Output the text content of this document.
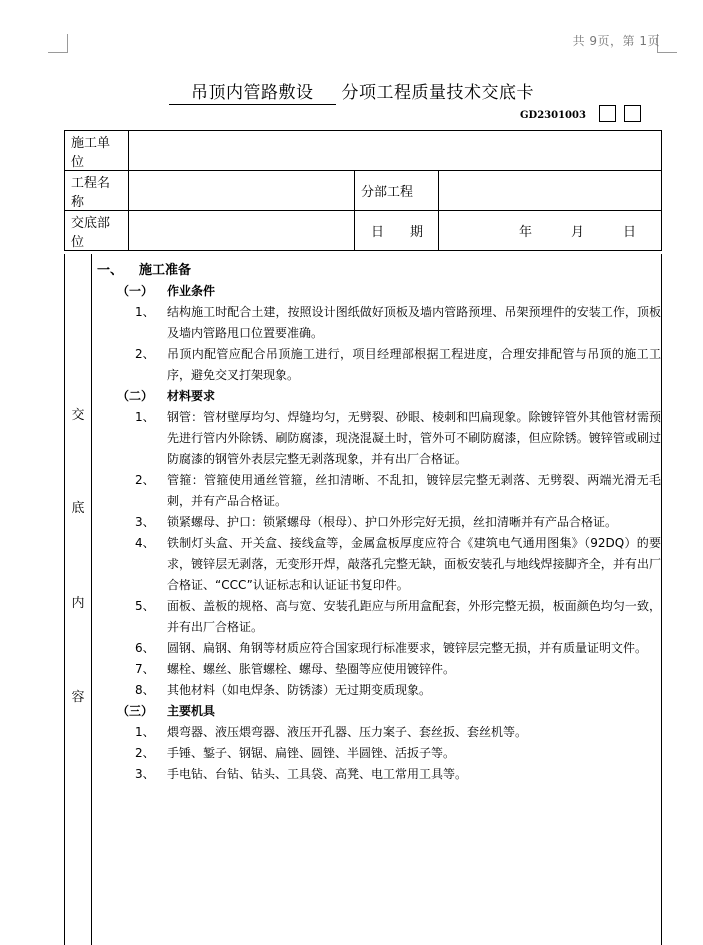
共 9页，第 1页
吊顶内管路敷设 分项工程质量技术交底卡
GD2301003
施工单位			
工程名称		分部工程	
交底部位		日　　期	年　　　月　　　日
交
底
内
容
一、 施工准备
（一） 作业条件
1、 结构施工时配合土建，按照设计图纸做好顶板及墙内管路预埋、吊架预埋件的安装工作，顶板及墙内管路甩口位置要准确。
2、 吊顶内配管应配合吊顶施工进行，项目经理部根据工程进度，合理安排配管与吊顶的施工工序，避免交叉打架现象。
（二） 材料要求
1、 钢管：管材壁厚均匀、焊缝均匀，无劈裂、砂眼、棱刺和凹扁现象。除镀锌管外其他管材需预先进行管内外除锈、刷防腐漆，现浇混凝土时，管外可不刷防腐漆，但应除锈。镀锌管或刷过防腐漆的钢管外表层完整无剥落现象，并有出厂合格证。
2、 管箍：管箍使用通丝管箍，丝扣清晰、不乱扣，镀锌层完整无剥落、无劈裂、两端光滑无毛刺，并有产品合格证。
3、 锁紧螺母、护口：锁紧螺母（根母）、护口外形完好无损，丝扣清晰并有产品合格证。
4、 铁制灯头盒、开关盒、接线盒等，金属盒板厚度应符合《建筑电气通用图集》（92DQ）的要求，镀锌层无剥落，无变形开焊，敲落孔完整无缺，面板安装孔与地线焊接脚齐全，并有出厂合格证、“CCC”认证标志和认证证书复印件。
5、 面板、盖板的规格、高与宽、安装孔距应与所用盒配套，外形完整无损，板面颜色均匀一致，并有出厂合格证。
6、 圆钢、扁钢、角钢等材质应符合国家现行标准要求，镀锌层完整无损，并有质量证明文件。
7、 螺栓、螺丝、胀管螺栓、螺母、垫圈等应使用镀锌件。
8、 其他材料（如电焊条、防锈漆）无过期变质现象。
（三） 主要机具
1、 煨弯器、液压煨弯器、液压开孔器、压力案子、套丝扳、套丝机等。
2、 手锤、錾子、钢锯、扁锉、圆锉、半圆锉、活扳子等。
3、 手电钻、台钻、钻头、工具袋、高凳、电工常用工具等。
